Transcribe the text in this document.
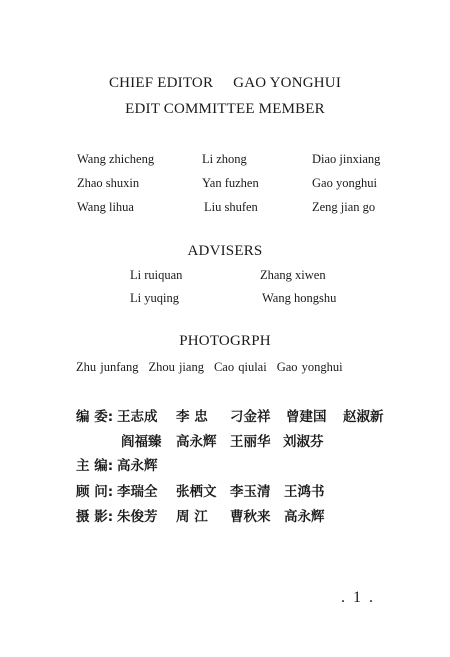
CHIEF EDITOR GAO YONGHUI
EDIT COMMITTEE MEMBER
Wang zhicheng	Li zhong	Diao jinxiang
Zhao shuxin	Yan fuzhen	Gao yonghui
Wang lihua	Liu shufen	Zeng jian go
ADVISERS
Li ruiquan	Zhang xiwen
Li yuqing	Wang hongshu
PHOTOGRPH
Zhu junfang Zhou jiang Cao qiulai Gao yonghui
编 委: 王志成 李 忠 刁金祥 曾建国 赵淑新
阎福臻 高永辉 王丽华 刘淑芬
主 编: 高永辉
顾 问: 李瑞全 张栖文 李玉清 王鸿书
摄 影: 朱俊芳 周 江 曹秋来 高永辉
. 1 .
